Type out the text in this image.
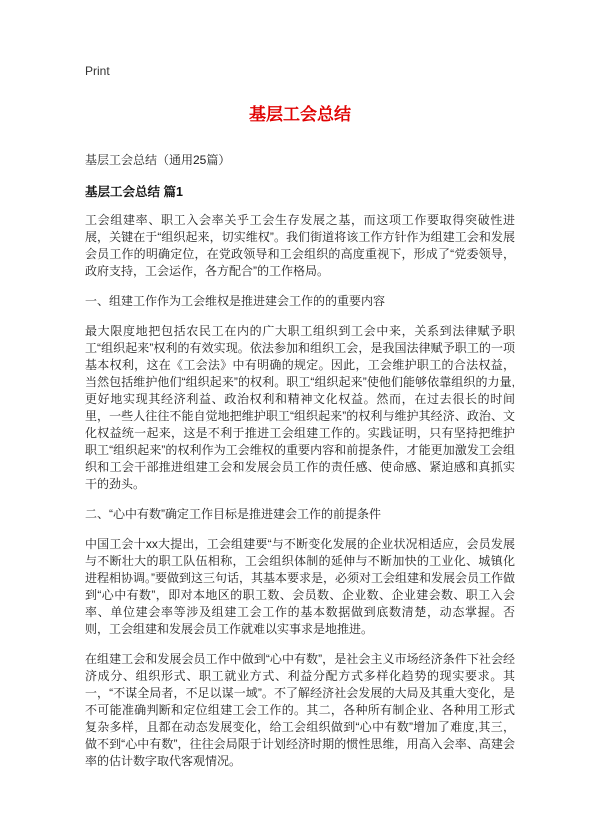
Print
基层工会总结
基层工会总结（通用25篇）
基层工会总结 篇1

工会组建率、职工入会率关乎工会生存发展之基，而这项工作要取得突破性进展，关键在于“组织起来，切实维权”。我们街道将该工作方针作为组建工会和发展会员工作的明确定位，在党政领导和工会组织的高度重视下，形成了“党委领导，政府支持，工会运作，各方配合”的工作格局。

一、组建工作作为工会维权是推进建会工作的的重要内容

最大限度地把包括农民工在内的广大职工组织到工会中来，关系到法律赋予职工“组织起来”权利的有效实现。依法参加和组织工会，是我国法律赋予职工的一项基本权利，这在《工会法》中有明确的规定。因此，工会维护职工的合法权益，当然包括维护他们“组织起来”的权利。职工“组织起来”使他们能够依靠组织的力量,更好地实现其经济利益、政治权利和精神文化权益。然而，在过去很长的时间里，一些人往往不能自觉地把维护职工“组织起来”的权利与维护其经济、政治、文化权益统一起来，这是不利于推进工会组建工作的。实践证明，只有坚持把维护职工“组织起来”的权利作为工会维权的重要内容和前提条件，才能更加激发工会组织和工会干部推进组建工会和发展会员工作的责任感、使命感、紧迫感和真抓实干的劲头。

二、“心中有数”确定工作目标是推进建会工作的前提条件

中国工会十xx大提出，工会组建要“与不断变化发展的企业状况相适应，会员发展与不断壮大的职工队伍相称，工会组织体制的延伸与不断加快的工业化、城镇化进程相协调。”要做到这三句话，其基本要求是，必须对工会组建和发展会员工作做到“心中有数”，即对本地区的职工数、会员数、企业数、企业建会数、职工入会率、单位建会率等涉及组建工会工作的基本数据做到底数清楚，动态掌握。否则，工会组建和发展会员工作就难以实事求是地推进。

在组建工会和发展会员工作中做到“心中有数”，是社会主义市场经济条件下社会经济成分、组织形式、职工就业方式、利益分配方式多样化趋势的现实要求。其一，“不谋全局者，不足以谋一域”。不了解经济社会发展的大局及其重大变化，是不可能准确判断和定位组建工会工作的。其二，各种所有制企业、各种用工形式复杂多样，且都在动态发展变化，给工会组织做到“心中有数”增加了难度,其三，做不到“心中有数”，往往会局限于计划经济时期的惯性思维，用高入会率、高建会率的估计数字取代客观情况。
